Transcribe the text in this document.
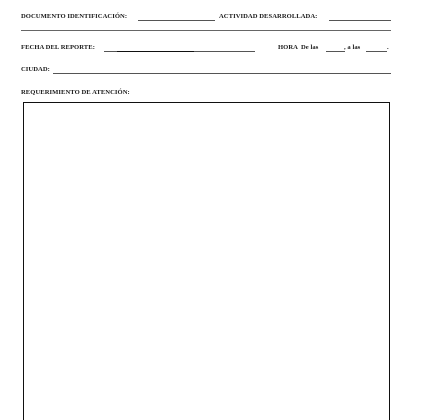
DOCUMENTO IDENTIFICACIÓN:	ACTIVIDAD DESARROLLADA:
FECHA DEL REPORTE:	HORA De las	, a las	.
CIUDAD:
REQUERIMIENTO DE ATENCIÓN:
